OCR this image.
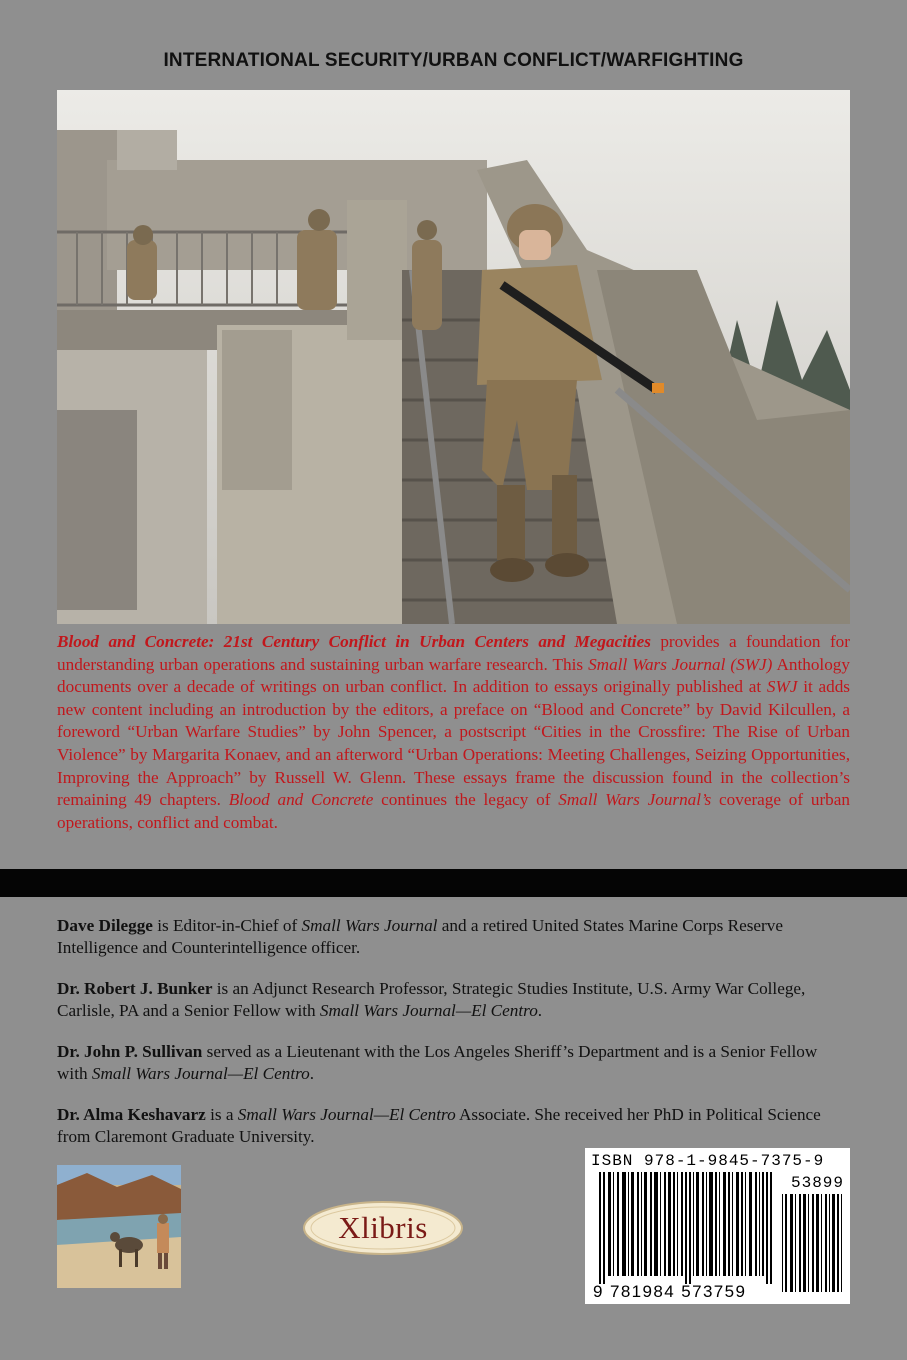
INTERNATIONAL SECURITY/URBAN CONFLICT/WARFIGHTING
Blood and Concrete: 21st Century Conflict in Urban Centers and Megacities provides a foundation for understanding urban operations and sustaining urban warfare research. This Small Wars Journal (SWJ) Anthology documents over a decade of writings on urban conflict. In addition to essays originally published at SWJ it adds new content including an introduction by the editors, a preface on “Blood and Concrete” by David Kilcullen, a foreword “Urban Warfare Studies” by John Spencer, a postscript “Cities in the Crossfire: The Rise of Urban Violence” by Margarita Konaev, and an afterword “Urban Operations: Meeting Challenges, Seizing Opportunities, Improving the Approach” by Russell W. Glenn. These essays frame the discussion found in the collection’s remaining 49 chapters. Blood and Concrete continues the legacy of Small Wars Journal’s coverage of urban operations, conflict and combat.

Dave Dilegge is Editor-in-Chief of Small Wars Journal and a retired United States Marine Corps Reserve Intelligence and Counterintelligence officer.

Dr. Robert J. Bunker is an Adjunct Research Professor, Strategic Studies Institute, U.S. Army War College, Carlisle, PA and a Senior Fellow with Small Wars Journal—El Centro.

Dr. John P. Sullivan served as a Lieutenant with the Los Angeles Sheriff’s Department and is a Senior Fellow with Small Wars Journal—El Centro.

Dr. Alma Keshavarz is a Small Wars Journal—El Centro Associate. She received her PhD in Political Science from Claremont Graduate University.

Xlibris
ISBN 978-1-9845-7375-9
53899
9 781984 573759
